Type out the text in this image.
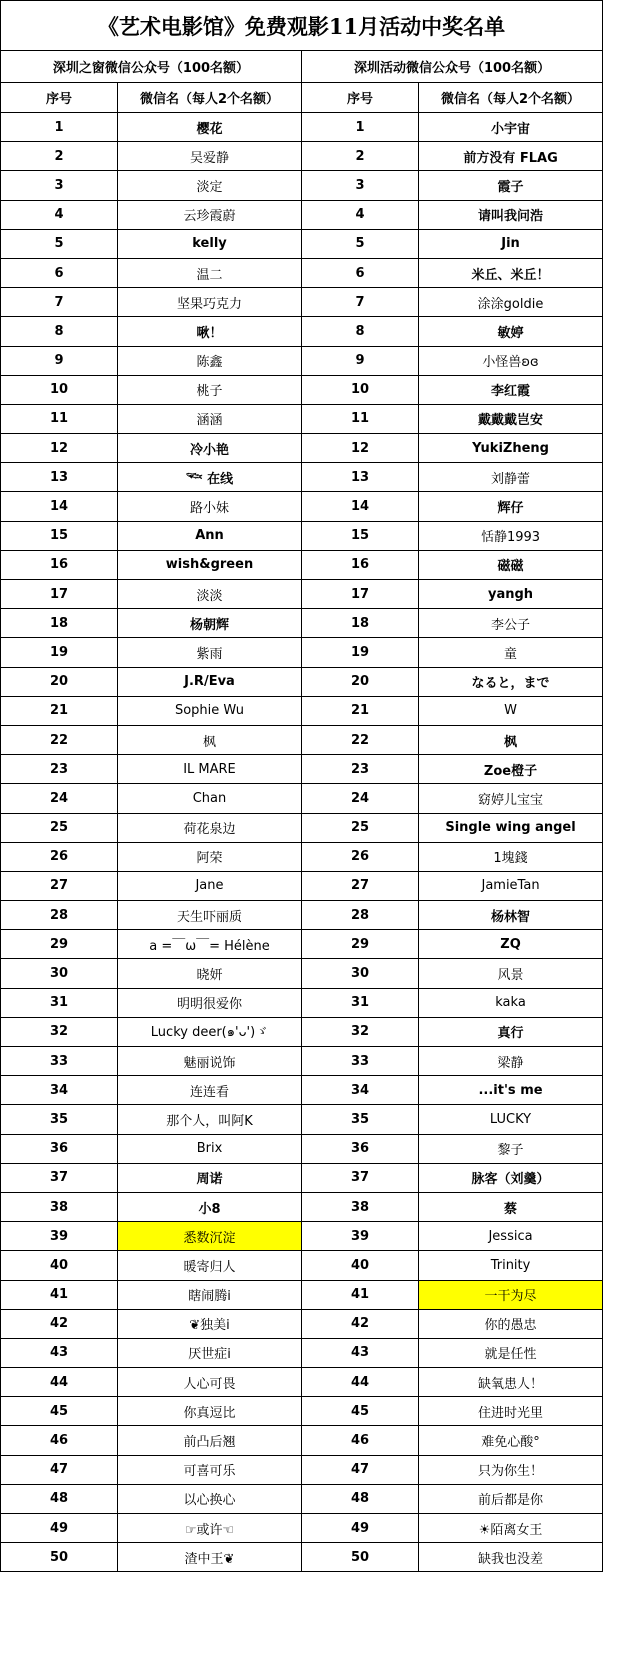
《艺术电影馆》免费观影11月活动中奖名单			
深圳之窗微信公众号（100名额）		深圳活动微信公众号（100名额）	
序号	微信名（每人2个名额）	序号	微信名（每人2个名额）
1	樱花	1	小宇宙
2	吴爱静	2	前方没有 FLAG
3	淡定	3	霞子
4	云珍霞蔚	4	请叫我问浩
5	kelly	5	Jin
6	温二	6	米丘、米丘！
7	坚果巧克力	7	涂涂goldie
8	啾！	8	敏婷
9	陈鑫	9	小怪兽ʚɞ
10	桃子	10	李红霞
11	涵涵	11	戴戴戴岂安
12	冷小艳	12	YukiZheng
13	𓆝 在线	13	刘静蕾
14	路小妹	14	辉仔
15	Ann	15	恬静1993
16	wish&green	16	磁磁
17	淡淡	17	yangh
18	杨朝辉	18	李公子
19	紫雨	19	童
20	J.R/Eva	20	なると，まで
21	Sophie Wu	21	W
22	枫	22	枫
23	IL MARE	23	Zoe橙子
24	Chan	24	窈婷儿宝宝
25	荷花泉边	25	Single wing angel
26	阿荣	26	1塊錢
27	Jane	27	JamieTan
28	天生吓丽质	28	杨林智
29	a =￣ω￣= Hélène	29	ZQ
30	晓妍	30	风景
31	明明很爱你	31	kaka
32	Lucky deer(๑'ᴗ')ゞ	32	真行
33	魅丽说饰	33	梁静
34	连连看	34	...it's me
35	那个人，叫阿K	35	LUCKY
36	Brix	36	黎子
37	周诺	37	脉客（刘羹）
38	小8	38	蔡
39	悉数沉淀	39	Jessica
40	暖寄归人	40	Trinity
41	瞎闹腾i	41	一干为尽
42	❦独美i	42	你的愚忠
43	厌世症i	43	就是任性
44	人心可畏	44	缺氧患人！
45	你真逗比	45	住进时光里
46	前凸后翘	46	难免心酸°
47	可喜可乐	47	只为你生！
48	以心换心	48	前后都是你
49	☞或许☜	49	☀陌离女王
50	渣中王❦	50	缺我也没差
